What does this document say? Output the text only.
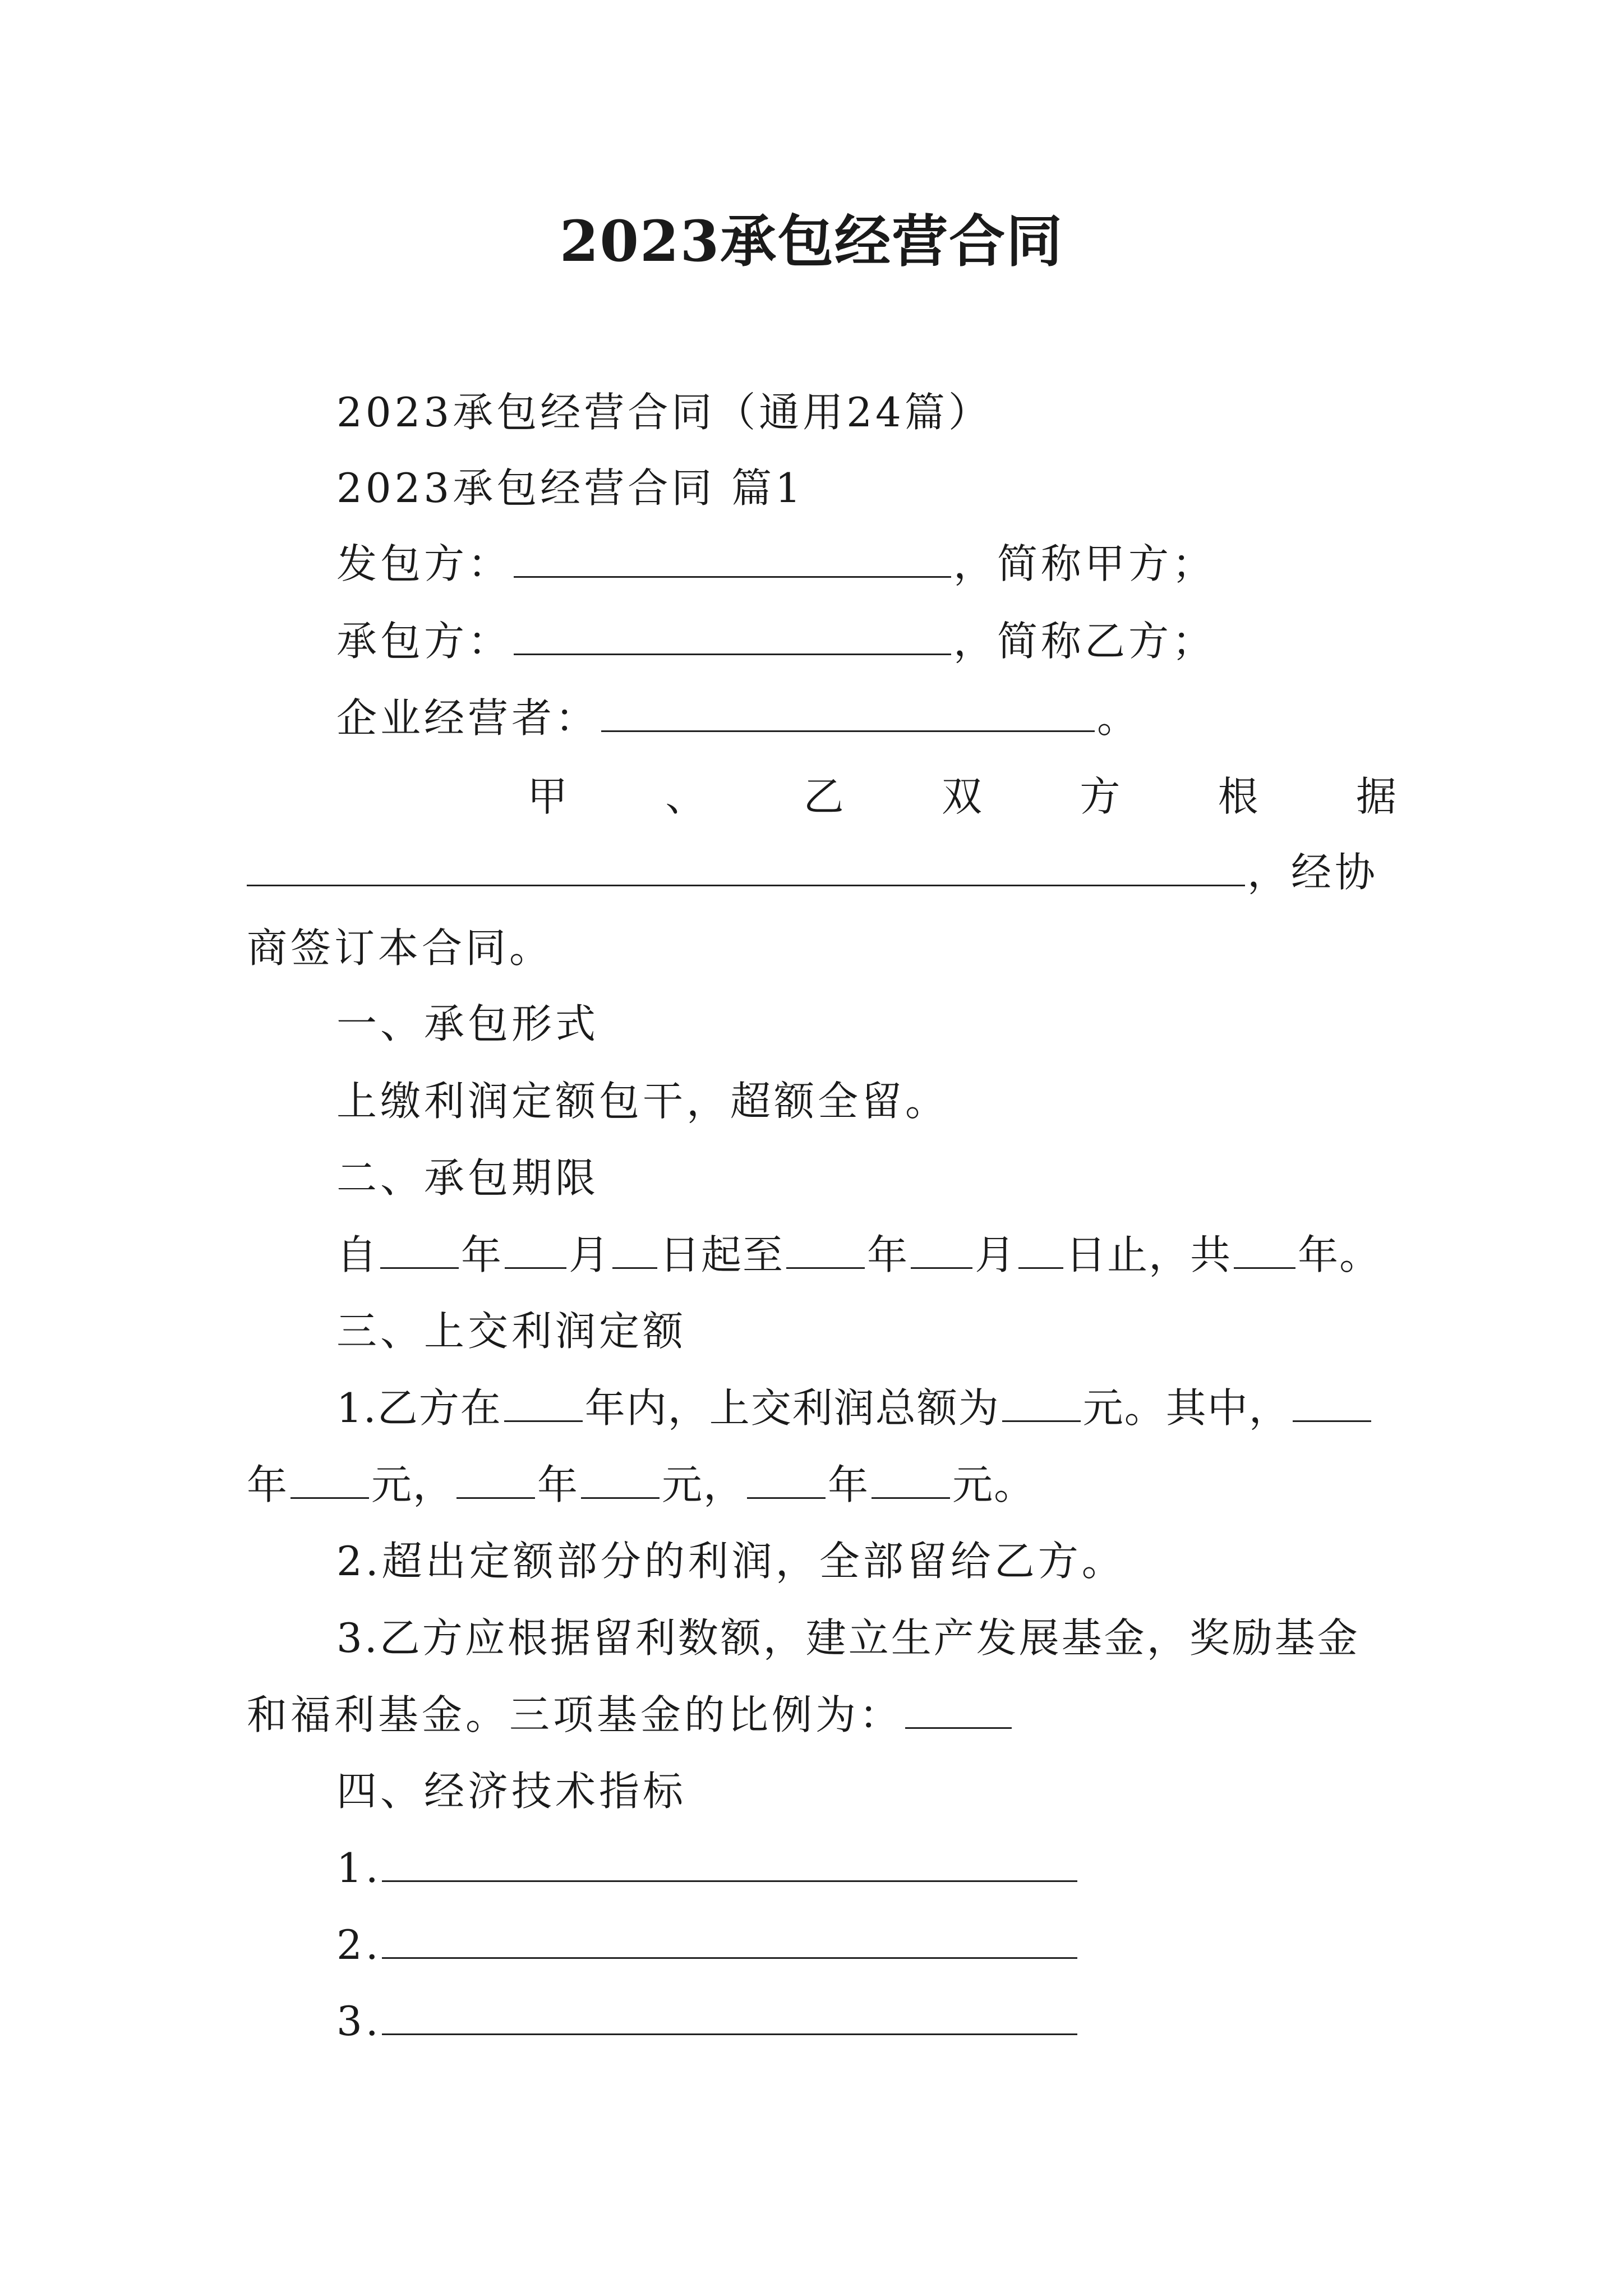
2023承包经营合同
2023承包经营合同（通用24篇）
2023承包经营合同 篇1
发包方：	，简称甲方；
承包方：	，简称乙方；
企业经营者：	。
甲 、 乙 双 方 根 据
，经协
商签订本合同。
一、承包形式
上缴利润定额包干，超额全留。
二、承包期限
自 年 月 日起至 年 月 日止，共 年。
三、上交利润定额
1.乙方在 年内，上交利润总额为 元。其中，
年 元， 年 元， 年 元。
2.超出定额部分的利润，全部留给乙方。
3.乙方应根据留利数额，建立生产发展基金，奖励基金
和福利基金。三项基金的比例为：
四、经济技术指标
1.
2.
3.
